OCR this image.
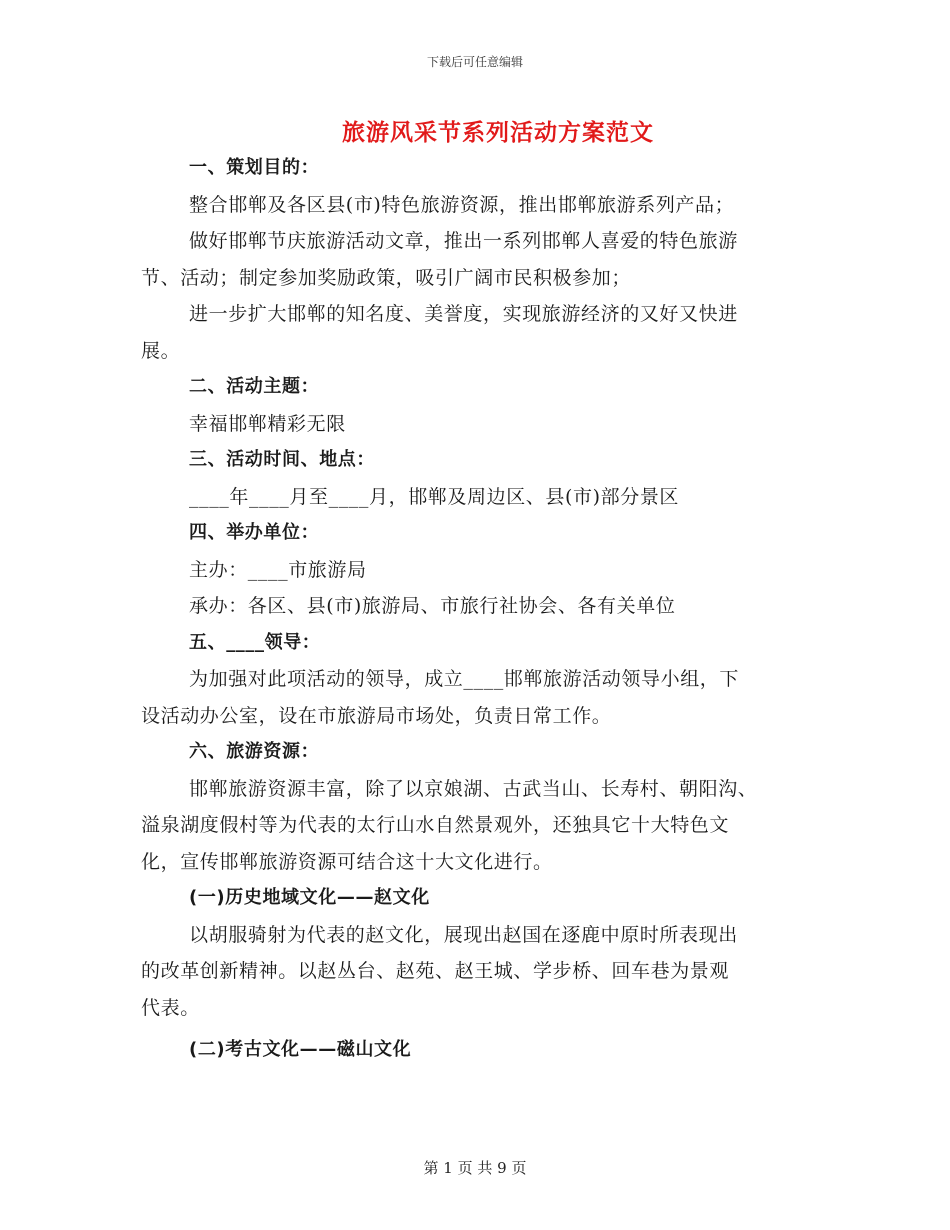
下载后可任意编辑
旅游风采节系列活动方案范文
一、策划目的：
整合邯郸及各区县(市)特色旅游资源，推出邯郸旅游系列产品；
做好邯郸节庆旅游活动文章，推出一系列邯郸人喜爱的特色旅游
节、活动；制定参加奖励政策，吸引广阔市民积极参加；
进一步扩大邯郸的知名度、美誉度，实现旅游经济的又好又快进
展。
二、活动主题：
幸福邯郸精彩无限
三、活动时间、地点：
____年____月至____月，邯郸及周边区、县(市)部分景区
四、举办单位：
主办：____市旅游局
承办：各区、县(市)旅游局、市旅行社协会、各有关单位
五、____领导：
为加强对此项活动的领导，成立____邯郸旅游活动领导小组，下
设活动办公室，设在市旅游局市场处，负责日常工作。
六、旅游资源：
邯郸旅游资源丰富，除了以京娘湖、古武当山、长寿村、朝阳沟、
溢泉湖度假村等为代表的太行山水自然景观外，还独具它十大特色文
化，宣传邯郸旅游资源可结合这十大文化进行。
(一)历史地域文化——赵文化
以胡服骑射为代表的赵文化，展现出赵国在逐鹿中原时所表现出
的改革创新精神。以赵丛台、赵苑、赵王城、学步桥、回车巷为景观
代表。
(二)考古文化——磁山文化
第 1 页 共 9 页
